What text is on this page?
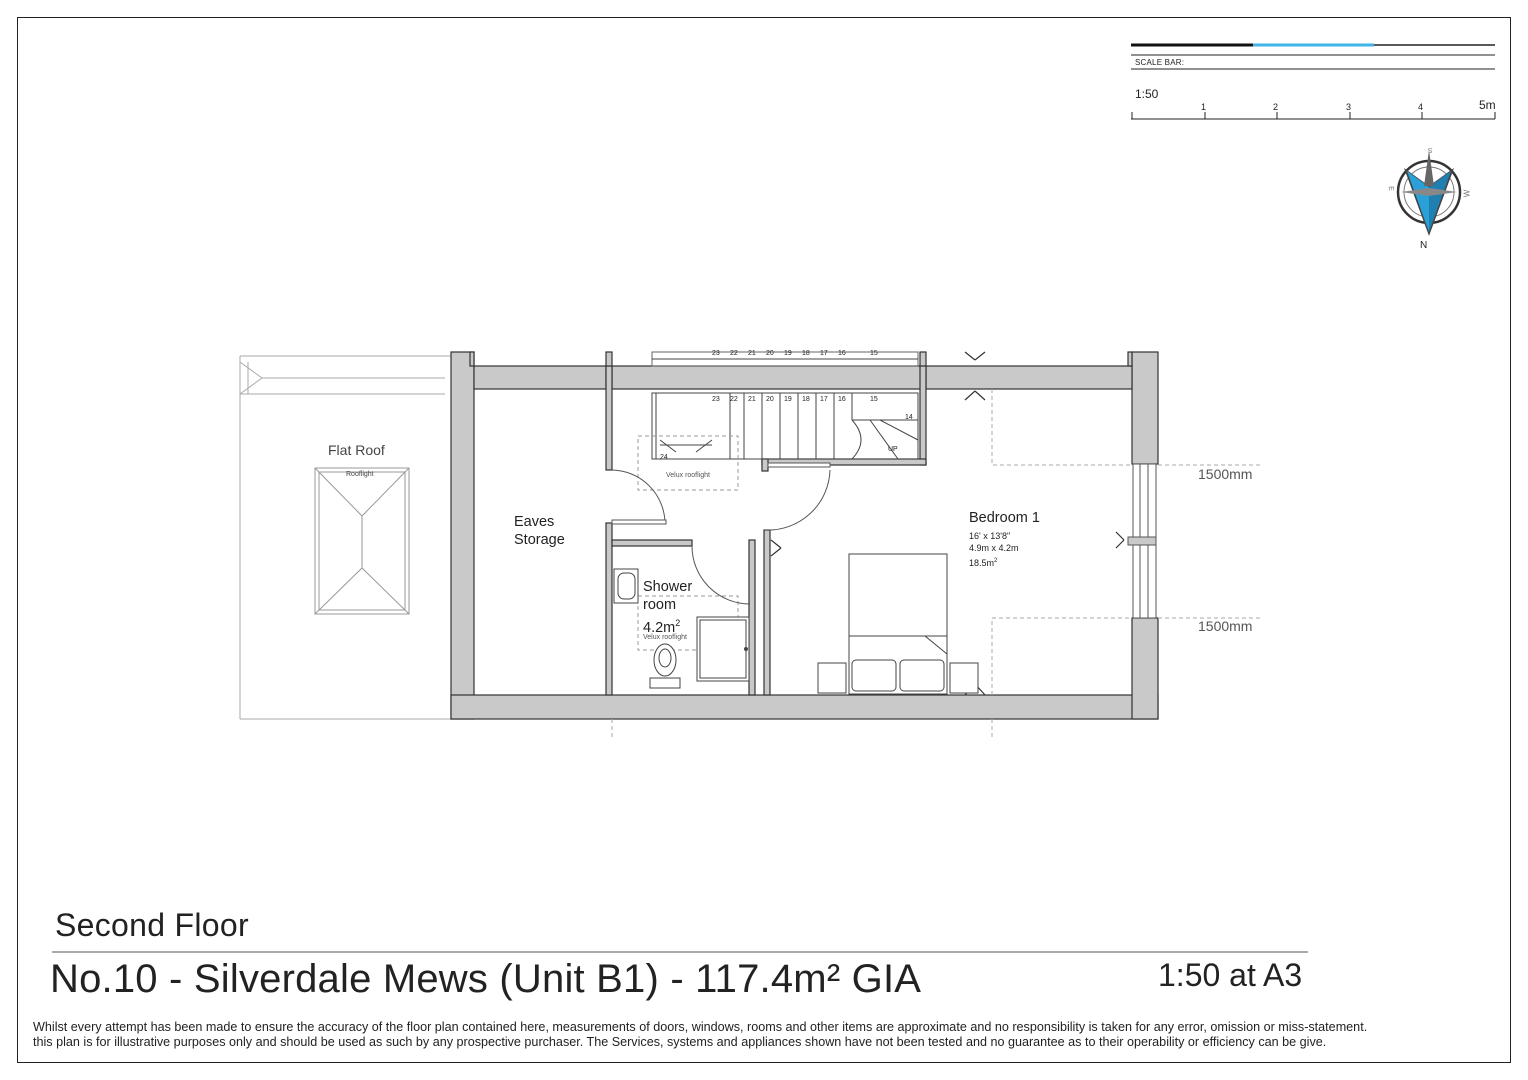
SCALE BAR:
1:50
1	2	3	4	5m
N
S
E
W
Flat Roof
Rooflight
Eaves
Storage
Shower
room
$4.2m^2$
Velux rooflight
Velux rooflight
Bedroom 1
16' x 13'8"
4.9m x 4.2m
$18.5m^2$
1500mm
1500mm
23 22 21 20 19 18 17 16	15
14
24
UP
23 22 21 20 19 18 17 16	15
Second Floor
No.10 - Silverdale Mews (Unit B1) - 117.4m² GIA	1:50 at A3
Whilst every attempt has been made to ensure the accuracy of the floor plan contained here, measurements of doors, windows, rooms and other items are approximate and no responsibility is taken for any error, omission or miss-statement.
this plan is for illustrative purposes only and should be used as such by any prospective purchaser. The Services, systems and appliances shown have not been tested and no guarantee as to their operability or efficiency can be give.
